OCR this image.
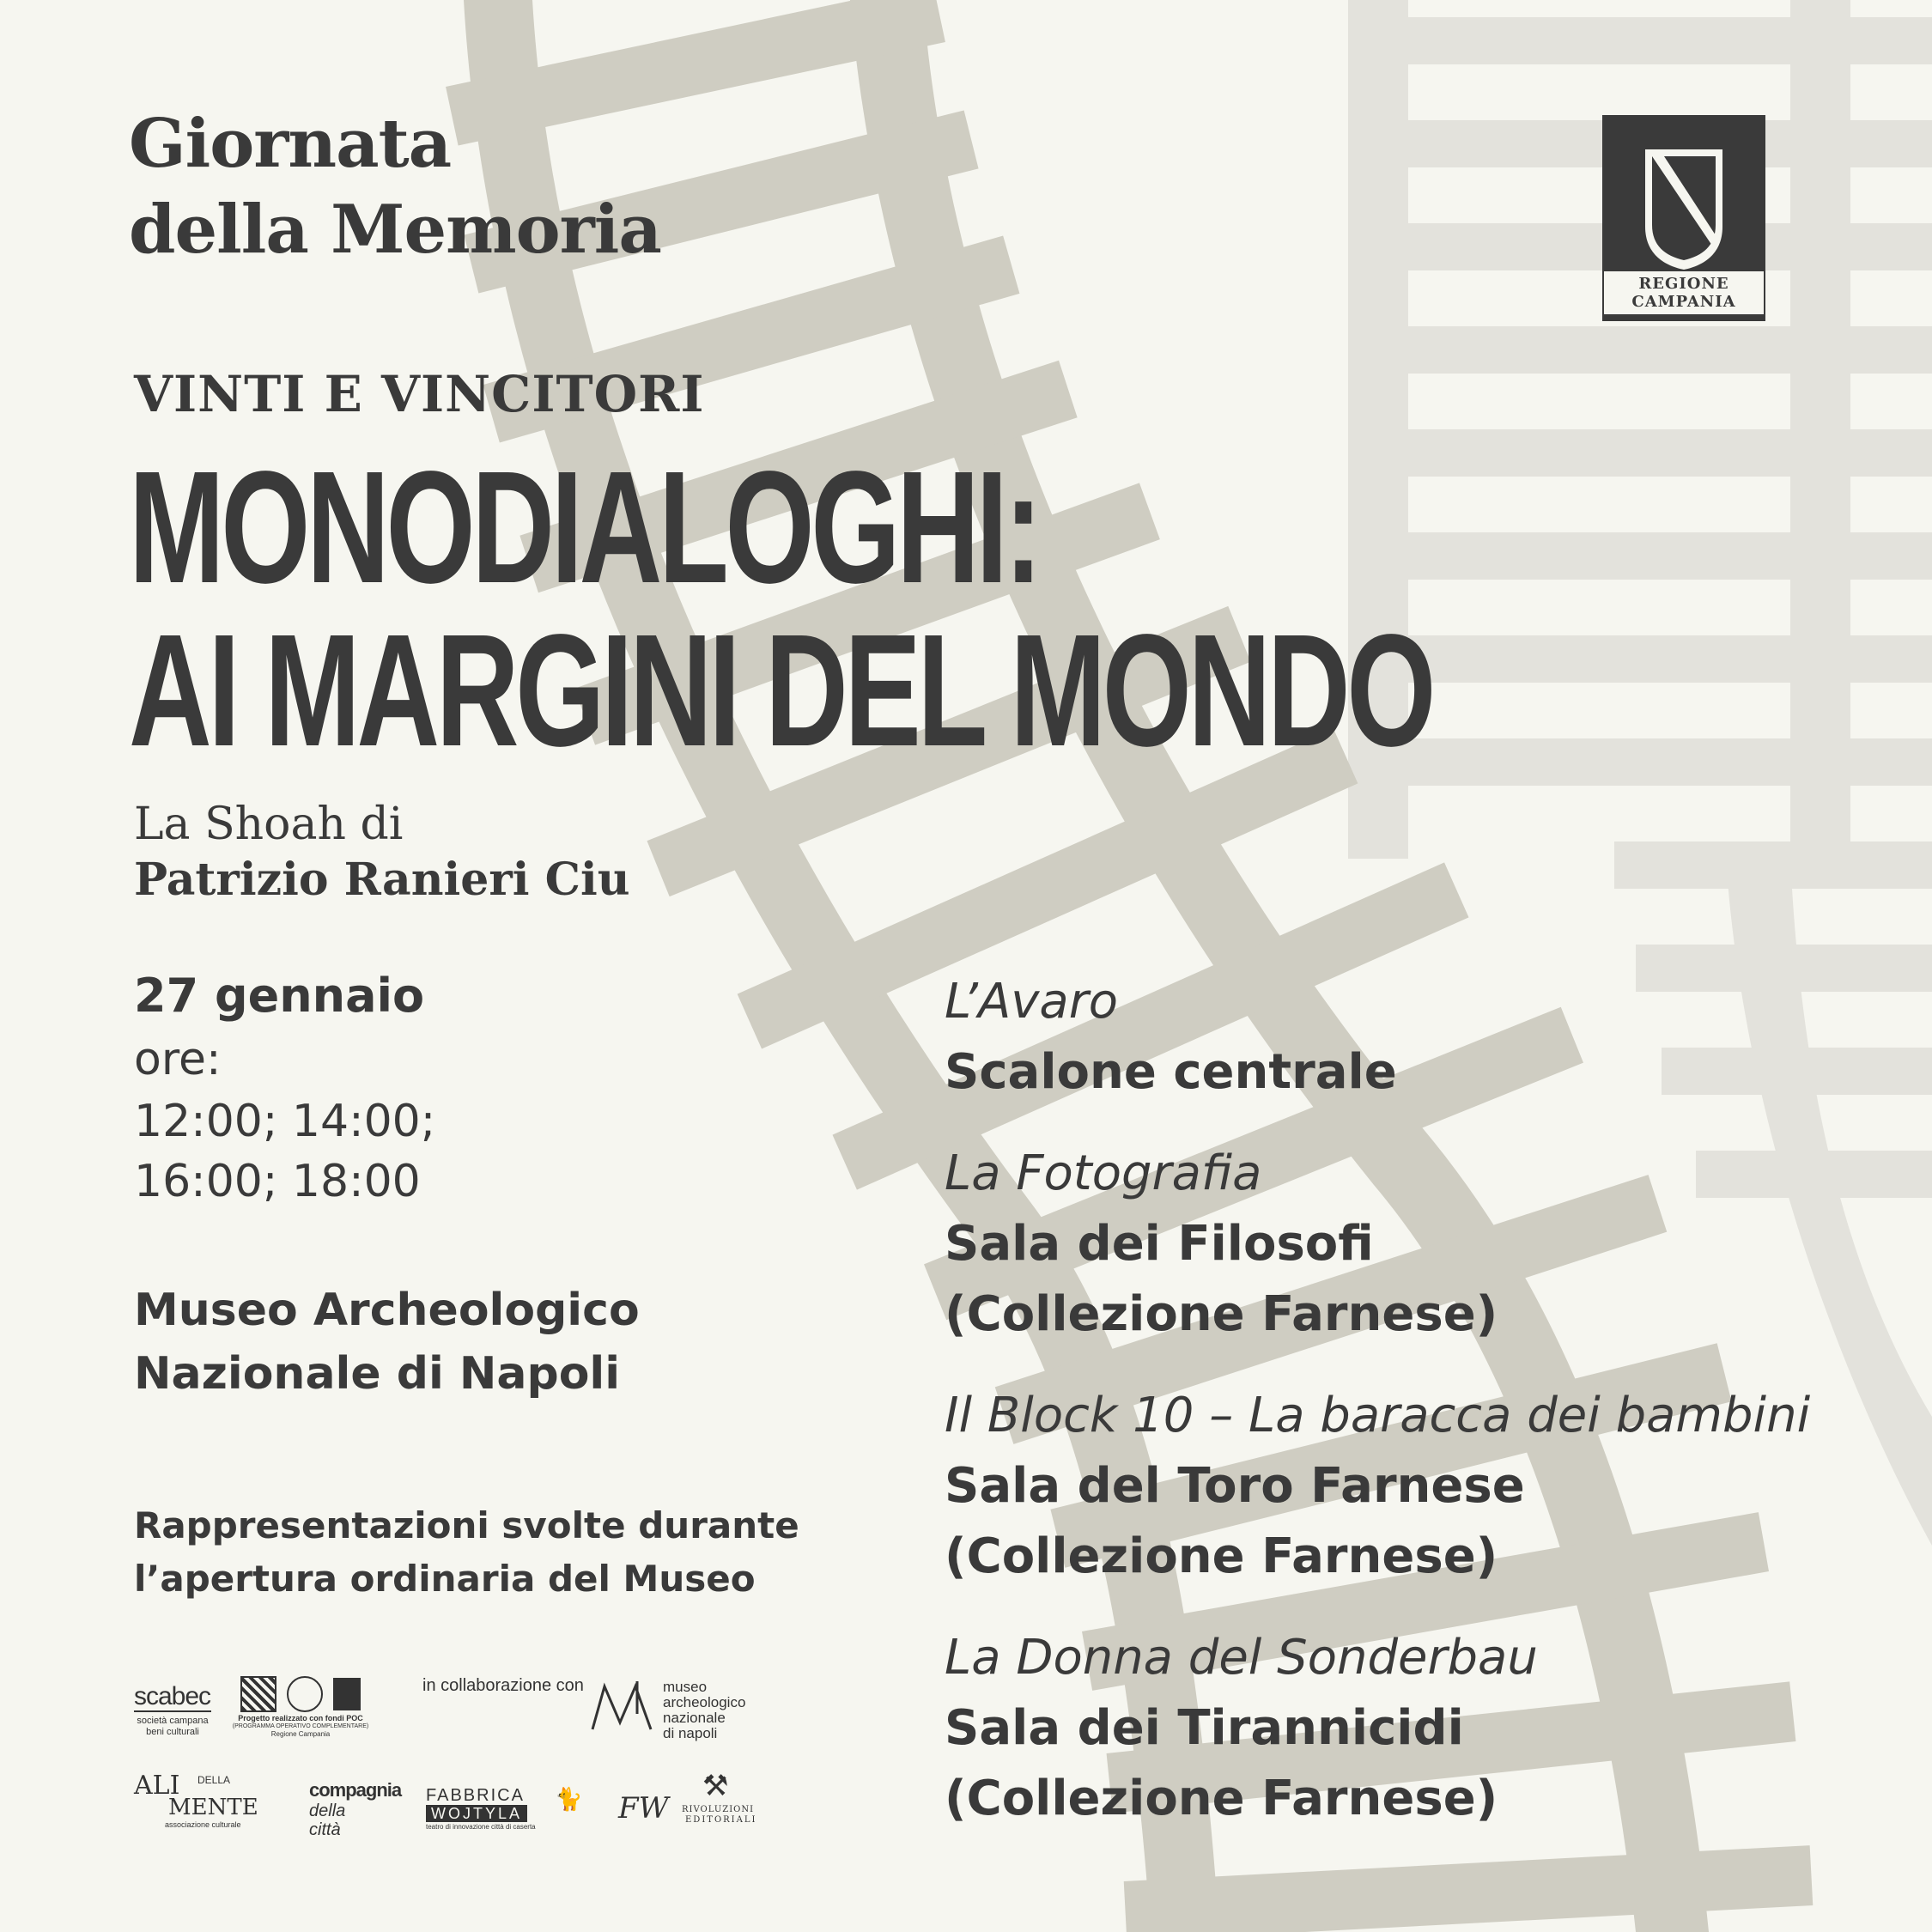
Giornata
della Memoria
VINTI E VINCITORI
MONODIALOGHI:
AI MARGINI DEL MONDO
La Shoah di
Patrizio Ranieri Ciu
REGIONE CAMPANIA
27 gennaio
ore:
12:00; 14:00;
16:00; 18:00
Museo Archeologico
Nazionale di Napoli
Rappresentazioni svolte durante
l’apertura ordinaria del Museo
L’Avaro
Scalone centrale
La Fotografia
Sala dei Filosofi
(Collezione Farnese)
Il Block 10 – La baracca dei bambini
Sala del Toro Farnese
(Collezione Farnese)
La Donna del Sonderbau
Sala dei Tirannicidi
(Collezione Farnese)
scabec
società campana
beni culturali
Progetto realizzato con fondi POC
(PROGRAMMA OPERATIVO COMPLEMENTARE)
Regione Campania
in collaborazione con	museo
archeologico
nazionale
di napoli
ALI DELLA
MENTE
associazione culturale
compagnia
della città
FABBRICA
WOJTYLA
teatro di innovazione città di caserta
🐈 FW
⚒
RIVOLUZIONI
EDITORIALI
